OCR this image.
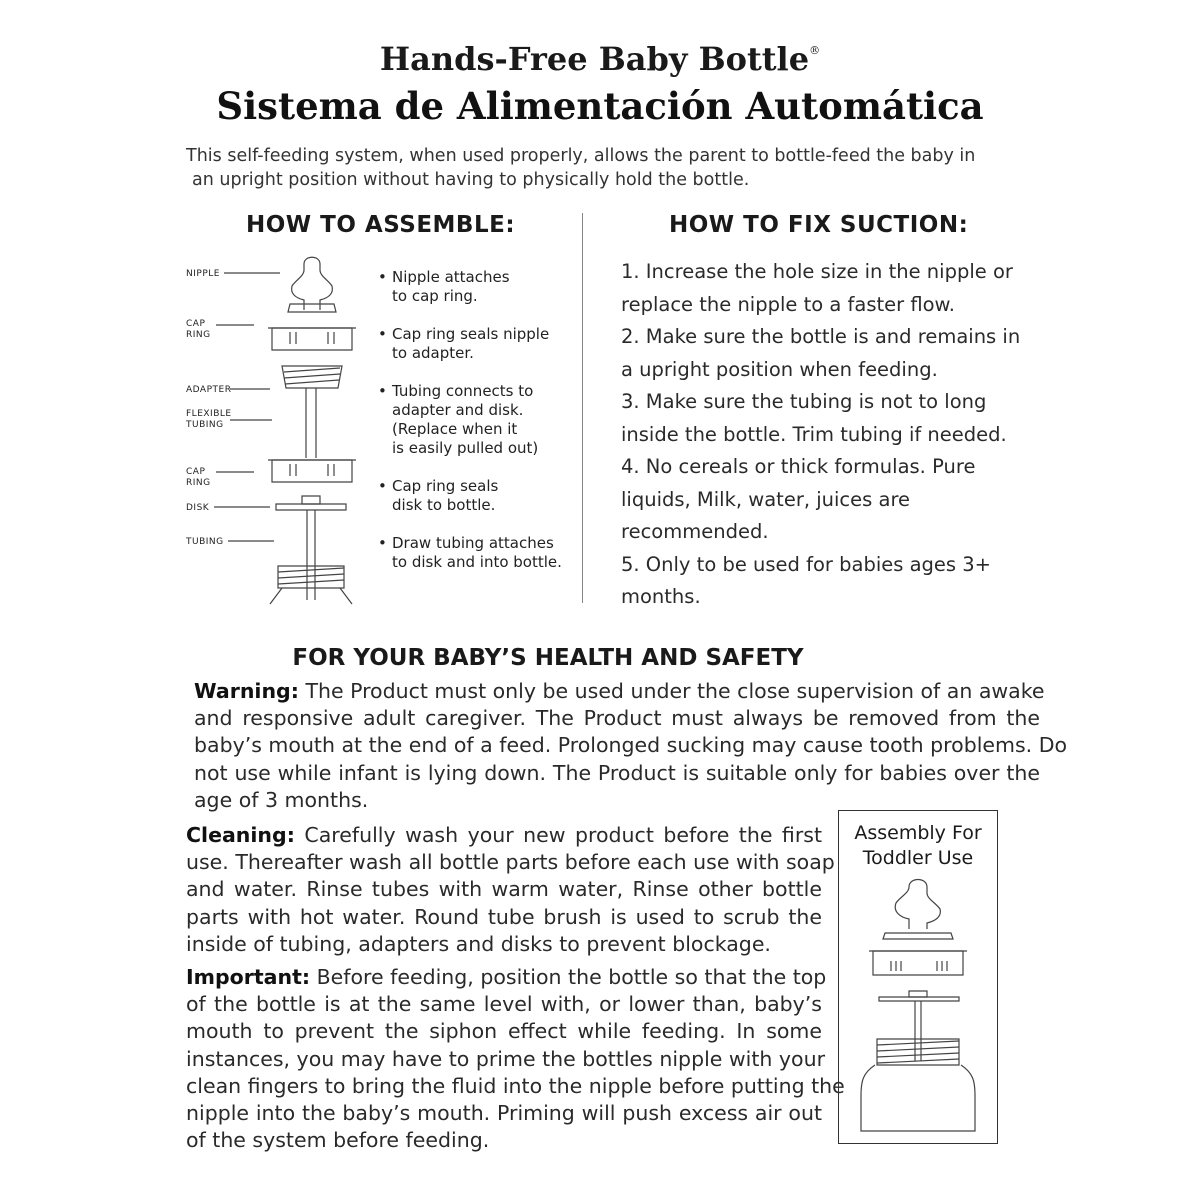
Hands-Free Baby Bottle®
Sistema de Alimentación Automática
This self-feeding system, when used properly, allows the parent to bottle-feed the baby in
an upright position without having to physically hold the bottle.
HOW TO ASSEMBLE:
NIPPLE
CAP
RING
ADAPTER
FLEXIBLE
TUBING
CAP
RING
DISK
TUBING
• Nipple attaches
to cap ring.
• Cap ring seals nipple
to adapter.
• Tubing connects to
adapter and disk.
(Replace when it
is easily pulled out)
• Cap ring seals
disk to bottle.
• Draw tubing attaches
to disk and into bottle.
HOW TO FIX SUCTION:
1. Increase the hole size in the nipple or
replace the nipple to a faster flow.
2. Make sure the bottle is and remains in
a upright position when feeding.
3. Make sure the tubing is not to long
inside the bottle. Trim tubing if needed.
4. No cereals or thick formulas. Pure
liquids, Milk, water, juices are
recommended.
5. Only to be used for babies ages 3+
months.
FOR YOUR BABY’S HEALTH AND SAFETY
Warning: The Product must only be used under the close supervision of an awake
and responsive adult caregiver. The Product must always be removed from the
baby’s mouth at the end of a feed. Prolonged sucking may cause tooth problems. Do
not use while infant is lying down. The Product is suitable only for babies over the
age of 3 months.
Cleaning: Carefully wash your new product before the first
use. Thereafter wash all bottle parts before each use with soap
and water. Rinse tubes with warm water, Rinse other bottle
parts with hot water. Round tube brush is used to scrub the
inside of tubing, adapters and disks to prevent blockage.
Important: Before feeding, position the bottle so that the top
of the bottle is at the same level with, or lower than, baby’s
mouth to prevent the siphon effect while feeding. In some
instances, you may have to prime the bottles nipple with your
clean fingers to bring the fluid into the nipple before putting the
nipple into the baby’s mouth. Priming will push excess air out
of the system before feeding.
Assembly For
Toddler Use
